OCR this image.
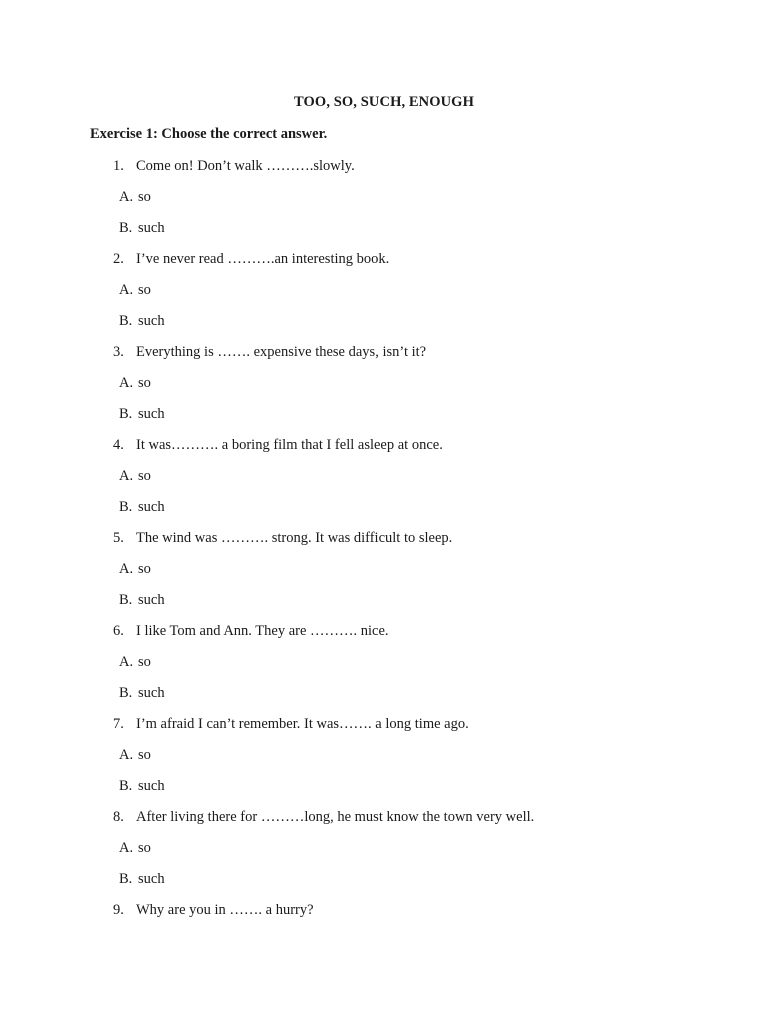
TOO, SO, SUCH, ENOUGH
Exercise 1: Choose the correct answer.
1. Come on! Don’t walk ……….slowly.
A. so
B. such
2. I’ve never read ……….an interesting book.
A. so
B. such
3. Everything is ……. expensive these days, isn’t it?
A. so
B. such
4. It was………. a boring film that I fell asleep at once.
A. so
B. such
5. The wind was ………. strong. It was difficult to sleep.
A. so
B. such
6. I like Tom and Ann. They are ………. nice.
A. so
B. such
7. I’m afraid I can’t remember. It was……. a long time ago.
A. so
B. such
8. After living there for ………long, he must know the town very well.
A. so
B. such
9. Why are you in ……. a hurry?
